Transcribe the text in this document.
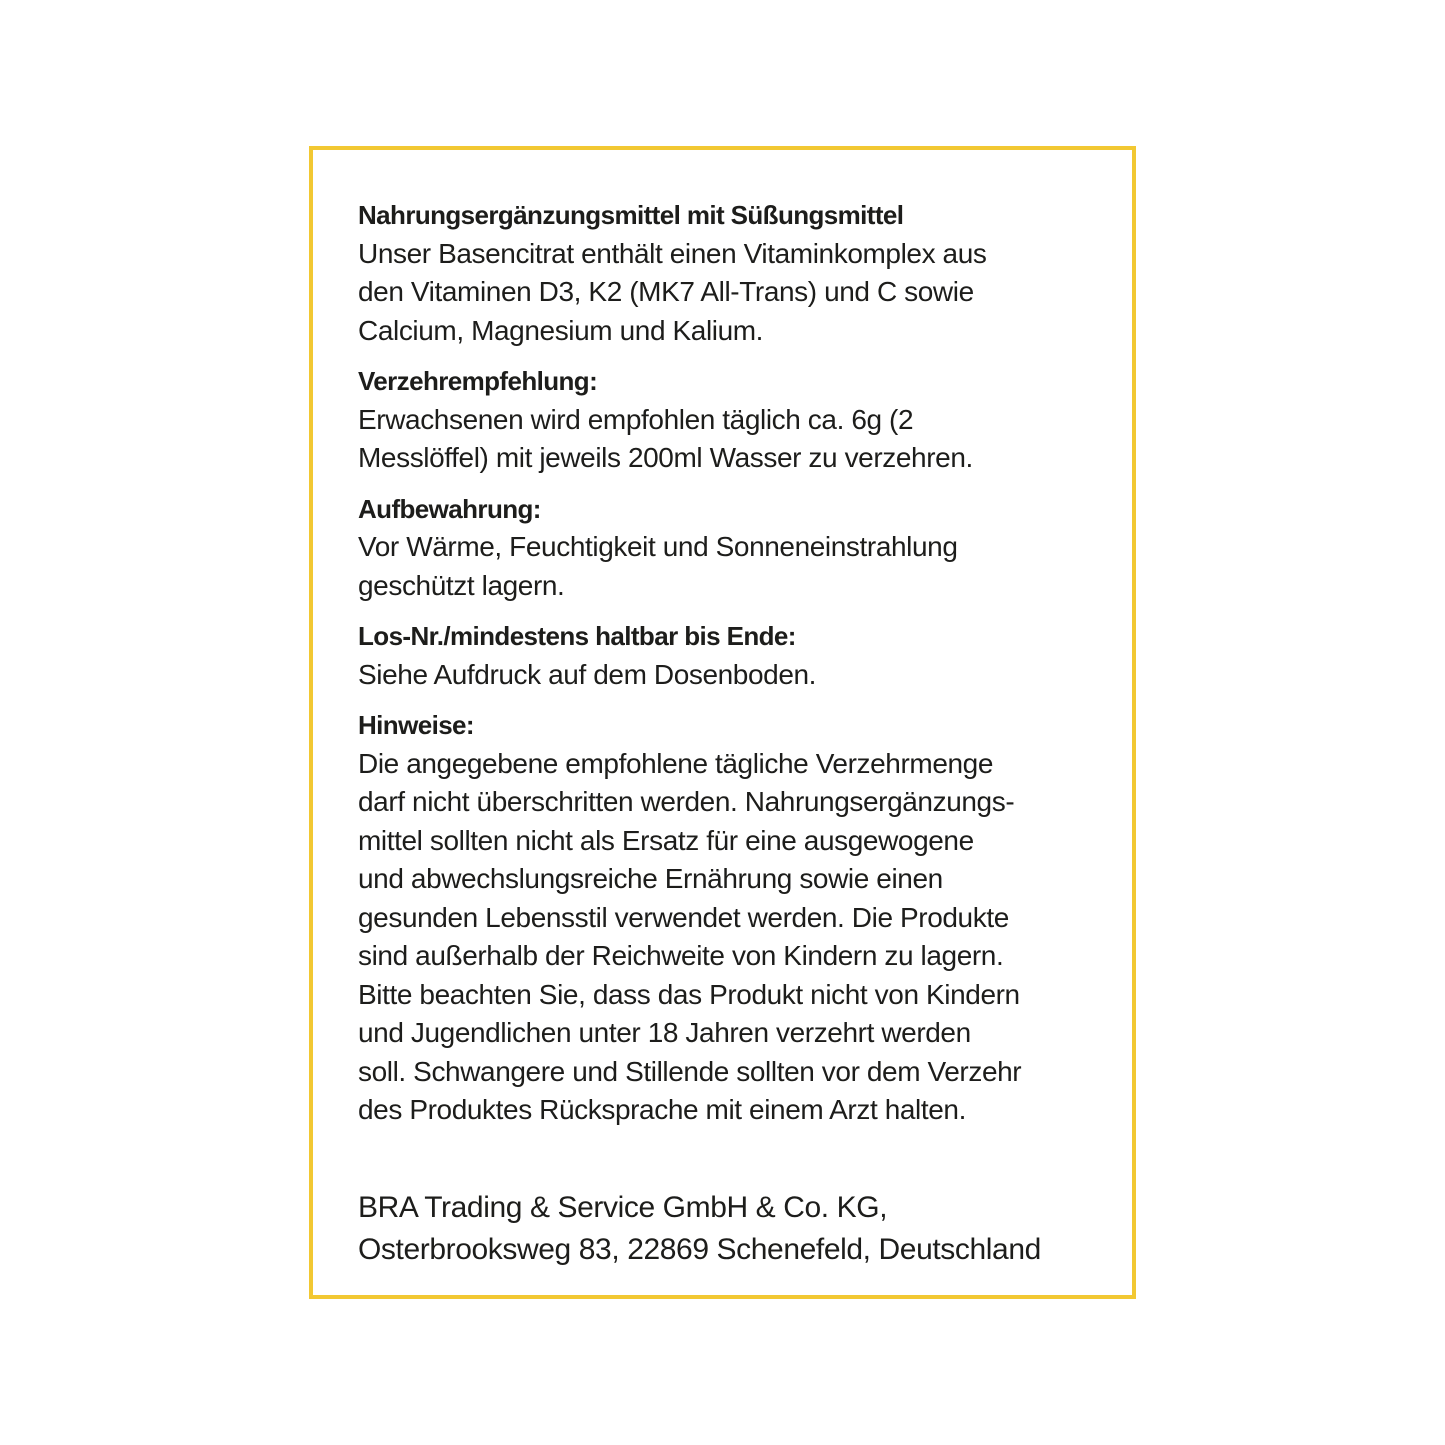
Nahrungsergänzungsmittel mit Süßungsmittel
Unser Basencitrat enthält einen Vitaminkomplex aus
den Vitaminen D3, K2 (MK7 All-Trans) und C sowie
Calcium, Magnesium und Kalium.
Verzehrempfehlung:
Erwachsenen wird empfohlen täglich ca. 6g (2
Messlöffel) mit jeweils 200ml Wasser zu verzehren.
Aufbewahrung:
Vor Wärme, Feuchtigkeit und Sonneneinstrahlung
geschützt lagern.
Los-Nr./mindestens haltbar bis Ende:
Siehe Aufdruck auf dem Dosenboden.
Hinweise:
Die angegebene empfohlene tägliche Verzehrmenge
darf nicht überschritten werden. Nahrungsergänzungs-
mittel sollten nicht als Ersatz für eine ausgewogene
und abwechslungsreiche Ernährung sowie einen
gesunden Lebensstil verwendet werden. Die Produkte
sind außerhalb der Reichweite von Kindern zu lagern.
Bitte beachten Sie, dass das Produkt nicht von Kindern
und Jugendlichen unter 18 Jahren verzehrt werden
soll. Schwangere und Stillende sollten vor dem Verzehr
des Produktes Rücksprache mit einem Arzt halten.
BRA Trading & Service GmbH & Co. KG,
Osterbrooksweg 83, 22869 Schenefeld, Deutschland
